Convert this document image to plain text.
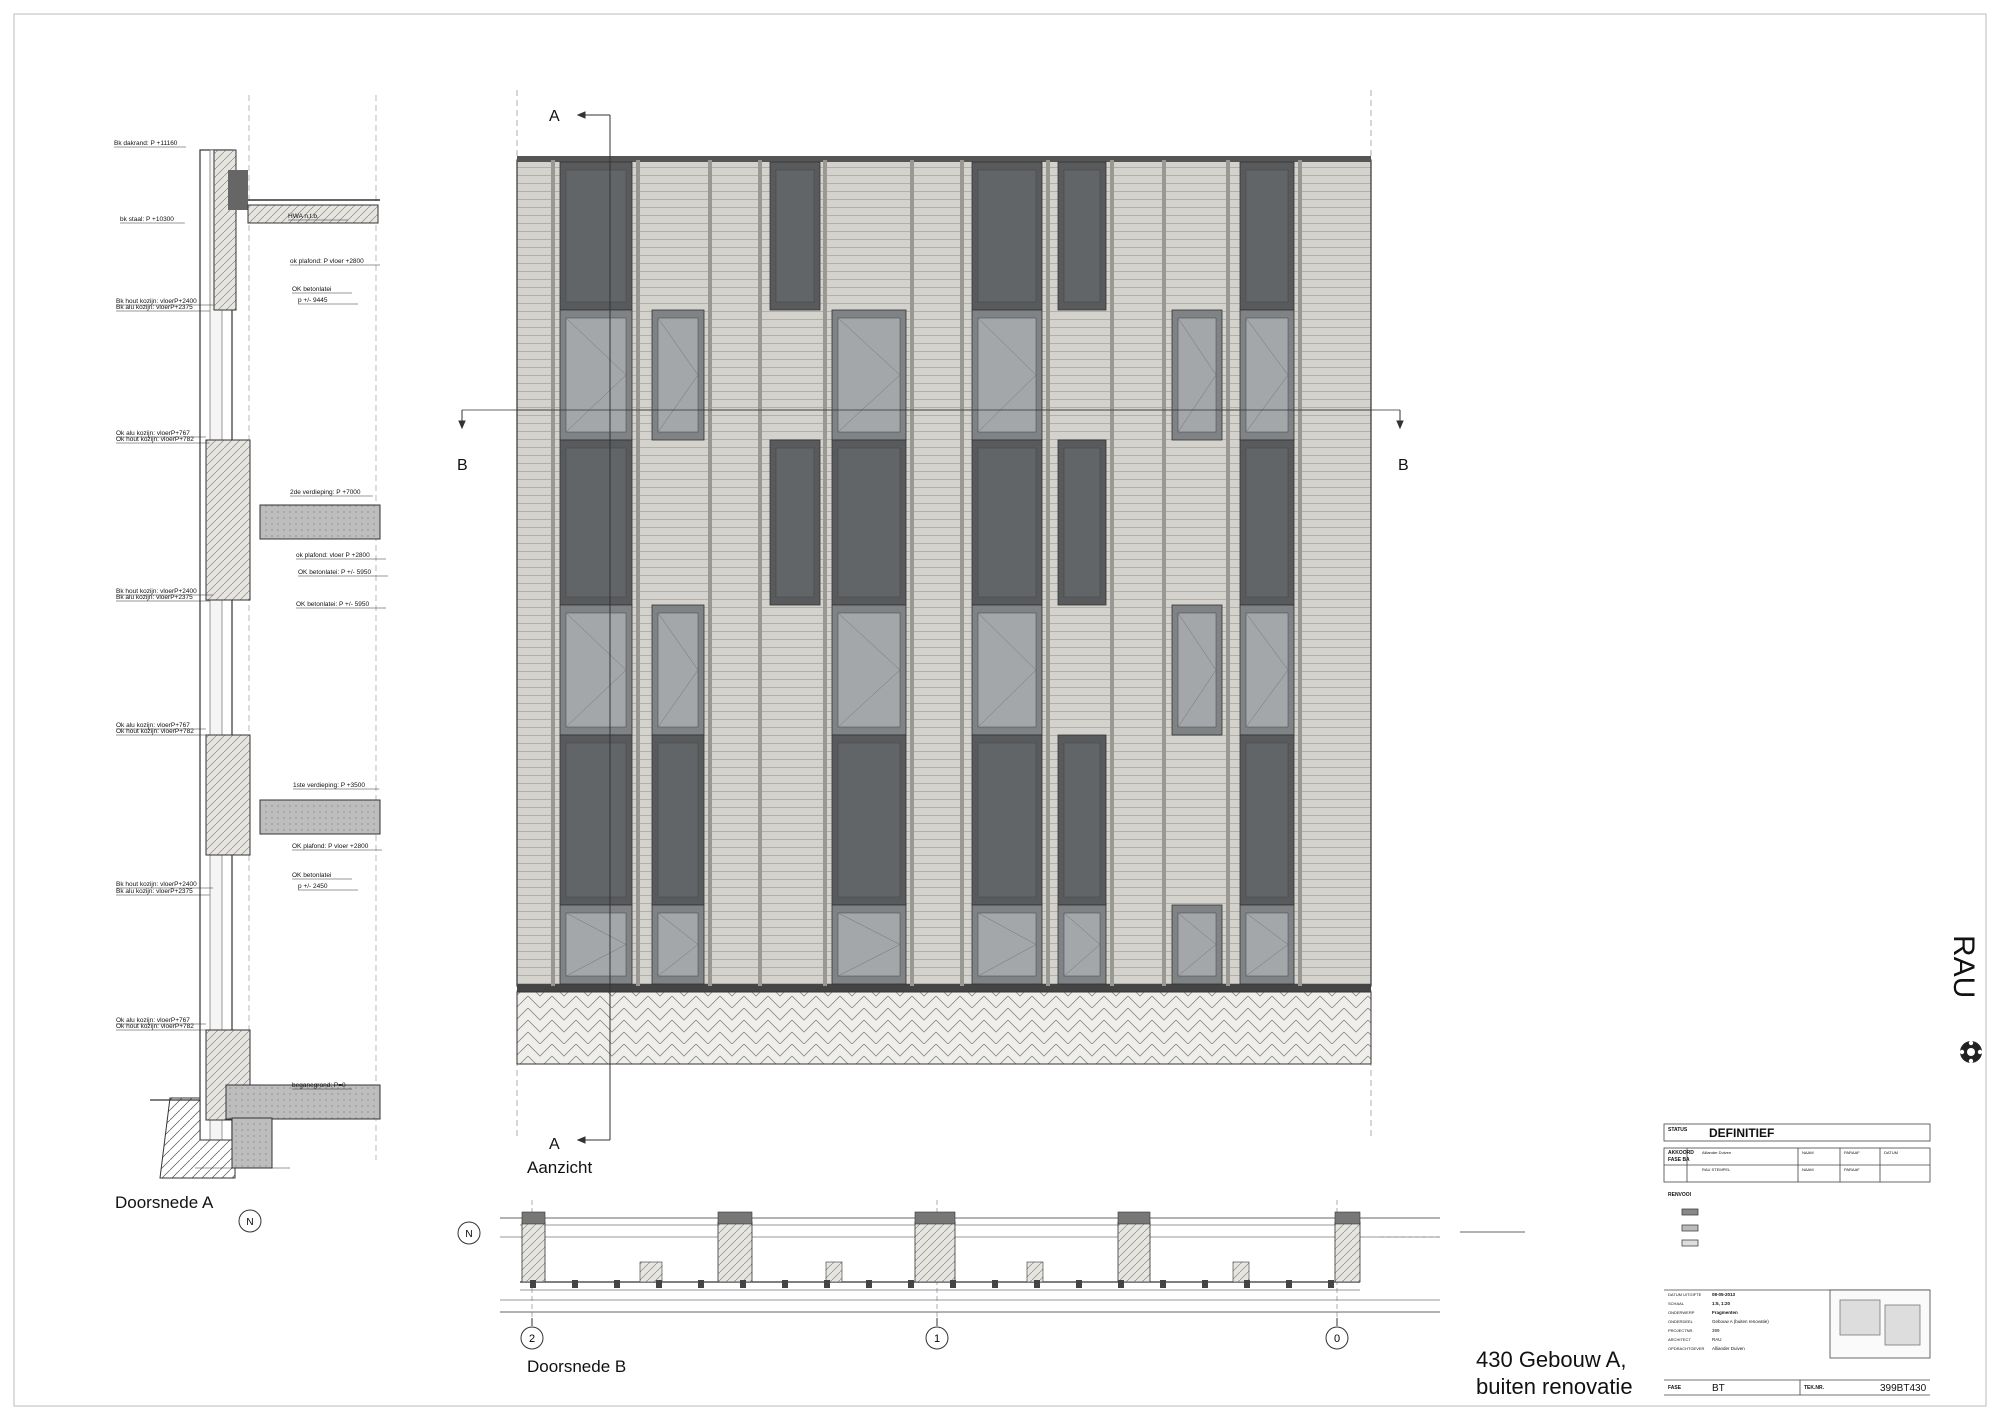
Bk dakrand: P +11160
bk staal: P +10300	HWA n.t.b.
ok plafond: P vloer +2800
OK betonlatei
p +/- 9445
Bk hout kozijn: vloerP+2400
Bk alu kozijn: vloerP+2375
Ok alu kozijn: vloerP+767
Ok hout kozijn: vloerP+782
2de verdieping: P +7000
ok plafond: vloer P +2800
OK betonlatei: P +/- 5950
OK betonlatei: P +/- 5950
Bk hout kozijn: vloerP+2400
Bk alu kozijn: vloerP+2375
Ok alu kozijn: vloerP+767
Ok hout kozijn: vloerP+782
1ste verdieping: P +3500
OK plafond: P vloer +2800
OK betonlatei
p +/- 2450
Bk hout kozijn: vloerP+2400
Bk alu kozijn: vloerP+2375
Ok alu kozijn: vloerP+767
Ok hout kozijn: vloerP+782
beganegrond: P=0
N
N
2	1	0
STATUS DEFINITIEF
AKKOORD
FASE BA
Alliander Duiven	NAAM	PARAAF	DATUM
RAU STEMPEL	NAAM	PARAAF
RENVOOI
DATUM UITGIFTE 08-05-2013
SCHAAL	1:5, 1:20
ONDERWERP	Fragmenten
ONDERDEEL	Gebouw A (buiten renovatie)
PROJECTNR.	399
ARCHITECT	RAU
OPDRACHTGEVER Alliander Duiven
FASE	BT	TEK.NR.	399BT430
RAU
A
A
B	B
Aanzicht
Doorsnede A
Doorsnede B	430 Gebouw A,
buiten renovatie
